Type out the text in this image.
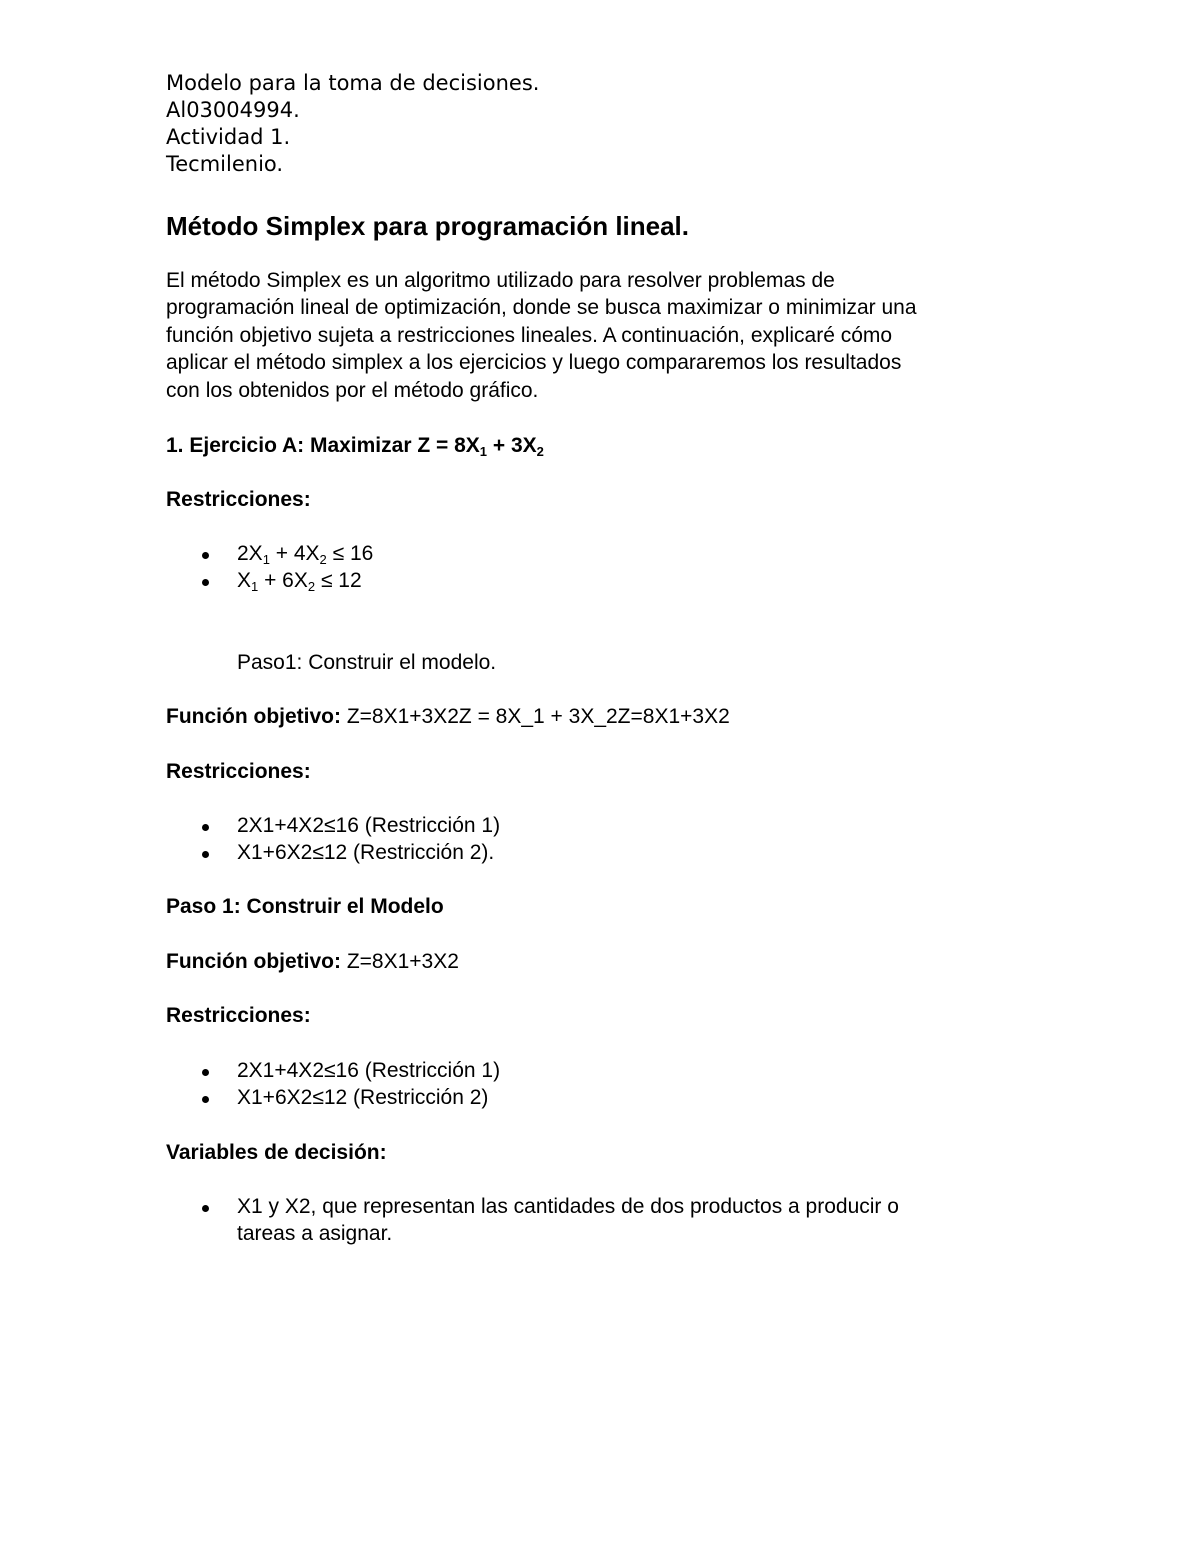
Modelo para la toma de decisiones.

Al03004994.

Actividad 1.

Tecmilenio.

Método Simplex para programación lineal.

El método Simplex es un algoritmo utilizado para resolver problemas de
programación lineal de optimización, donde se busca maximizar o minimizar una
función objetivo sujeta a restricciones lineales. A continuación, explicaré cómo
aplicar el método simplex a los ejercicios y luego compararemos los resultados
con los obtenidos por el método gráfico.

1. Ejercicio A: Maximizar $Z = 8X_1 + 3X_2$

Restricciones:

$2X_1 + 4X_2 \le 16$
$X_1 + 6X_2 \le 12$

Paso1: Construir el modelo.

Función objetivo: Z=8X1+3X2Z = 8X_1 + 3X_2Z=8X1+3X2

Restricciones:

2X1+4X2≤16 (Restricción 1)
X1+6X2≤12 (Restricción 2).

Paso 1: Construir el Modelo

Función objetivo: Z=8X1+3X2

Restricciones:

2X1+4X2≤16 (Restricción 1)
X1+6X2≤12 (Restricción 2)

Variables de decisión:

X1 y X2, que representan las cantidades de dos productos a producir o
tareas a asignar.
